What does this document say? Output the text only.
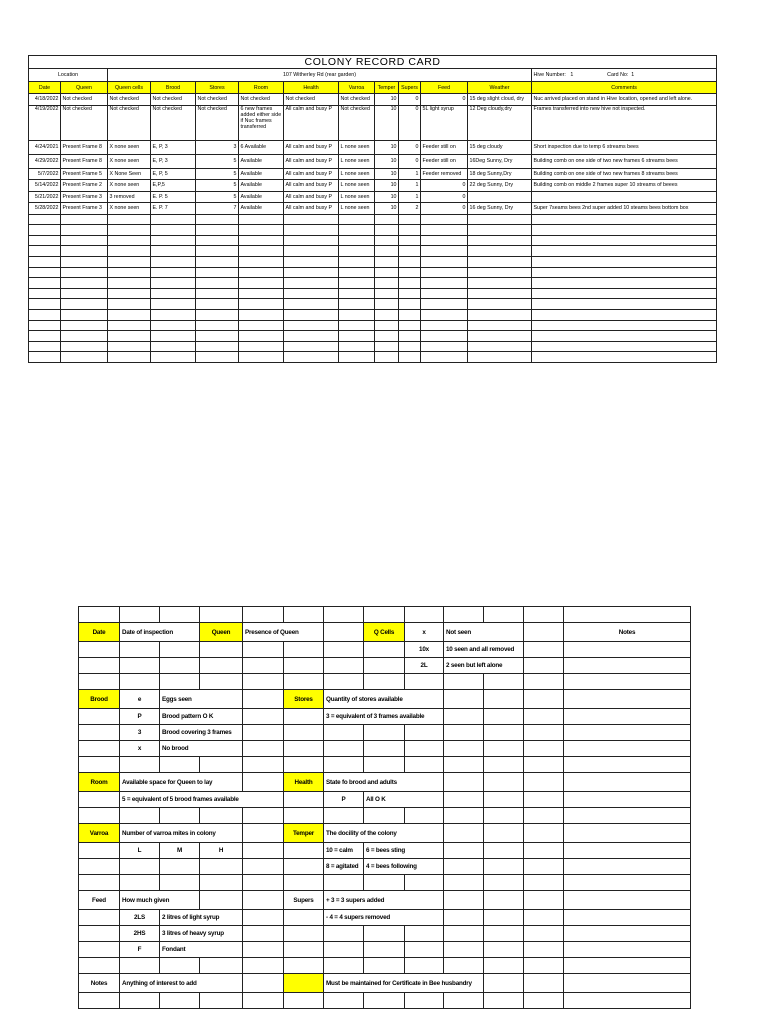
COLONY RECORD CARD												
Location		107 Witherley Rd (rear garden)										Hive Number: 1 Card No: 1
Date	Queen	Queen cells	Brood	Stores	Room	Health	Varroa	Temper	Supers	Feed	Weather	Comments
4/18/2022	Not checked	Not checked	Not checked	Not checked	Not checked	Not checked	Not checked	10	0	0	15 deg slight cloud, dry	Nuc arrived placed on stand in Hive location, opened and left alone.
4/19/2022	Not checked	Not checked	Not checked	Not checked	6 new frames added either side if Nuc frames transferred	All calm and busy P	Not checked	10	0	5L light syrup	12 Deg cloudy,dry	Frames transferred into new hive not inspected.
4/24/2021	Present Frame 8	X none seen	E, P, 3	3	6 Available	All calm and busy P	L none seen	10	0	Feeder still on	15 deg cloudy	Short inspection due to temp 6 streams bees
4/29/2022	Present Frame 8	X none seen	E, P, 3	5	Available	All calm and busy P	L none seen	10	0	Feeder still on	16Deg Sunny, Dry	Building comb on one side of two new frames 6 streams bees
5/7/2022	Present Frame 5	X None Seen	E, P, 5	5	Available	All calm and busy P	L none seen	10	1	Feeder removed	18 deg Sunny,Dry	Building comb on one side of two new frames 8 streams bees
5/14/2022	Present Frame 2	X none seen	E,P,5	5	Available	All calm and busy P	L none seen	10	1	0	22 deg Sunny, Dry	Building comb on middle 2 frames super 10 streams of beees
5/21/2022	Present Frame 3	3 removed	E. P. 5	5	Available	All calm and busy P	L none seen	10	1	0		
5/28/2022	Present Frame 3	X none seen	E. P. 7	7	Available	All calm and busy P	L none seen	10	2	0	16 deg Sunny, Dry	Super 7seams bees 2nd super added 10 steams bees bottom box

Date	Date of inspection		Queen	Presence of Queen			Q Cells	x	Not seen			Notes
								10x	10 seen and all removed			
								2L	2 seen but left alone			

Brood	e	Eggs seen			Stores	Quantity of stores available						
	P	Brood pattern O K				3 = equivalent of 3 frames available						
	3	Brood covering 3 frames										
	x	No brood										

Room	Available space for Queen to lay				Health	State fo brood and adults						
	5 = equivalent of 5 brood frames available					P	All O K					

Varroa	Number of varroa mites in colony				Temper	The docility of the colony						
	L	M	H			10 = calm	6 = bees sting					
						8 = agitated	4 = bees following					

Feed	How much given				Supers	+ 3 = 3 supers added						
	2LS	2 litres of light syrup				- 4 = 4 supers removed						
	2HS	3 litres of heavy syrup										
	F	Fondant										

Notes	Anything of interest to add					Must be maintained for Certificate in Bee husbandry						
